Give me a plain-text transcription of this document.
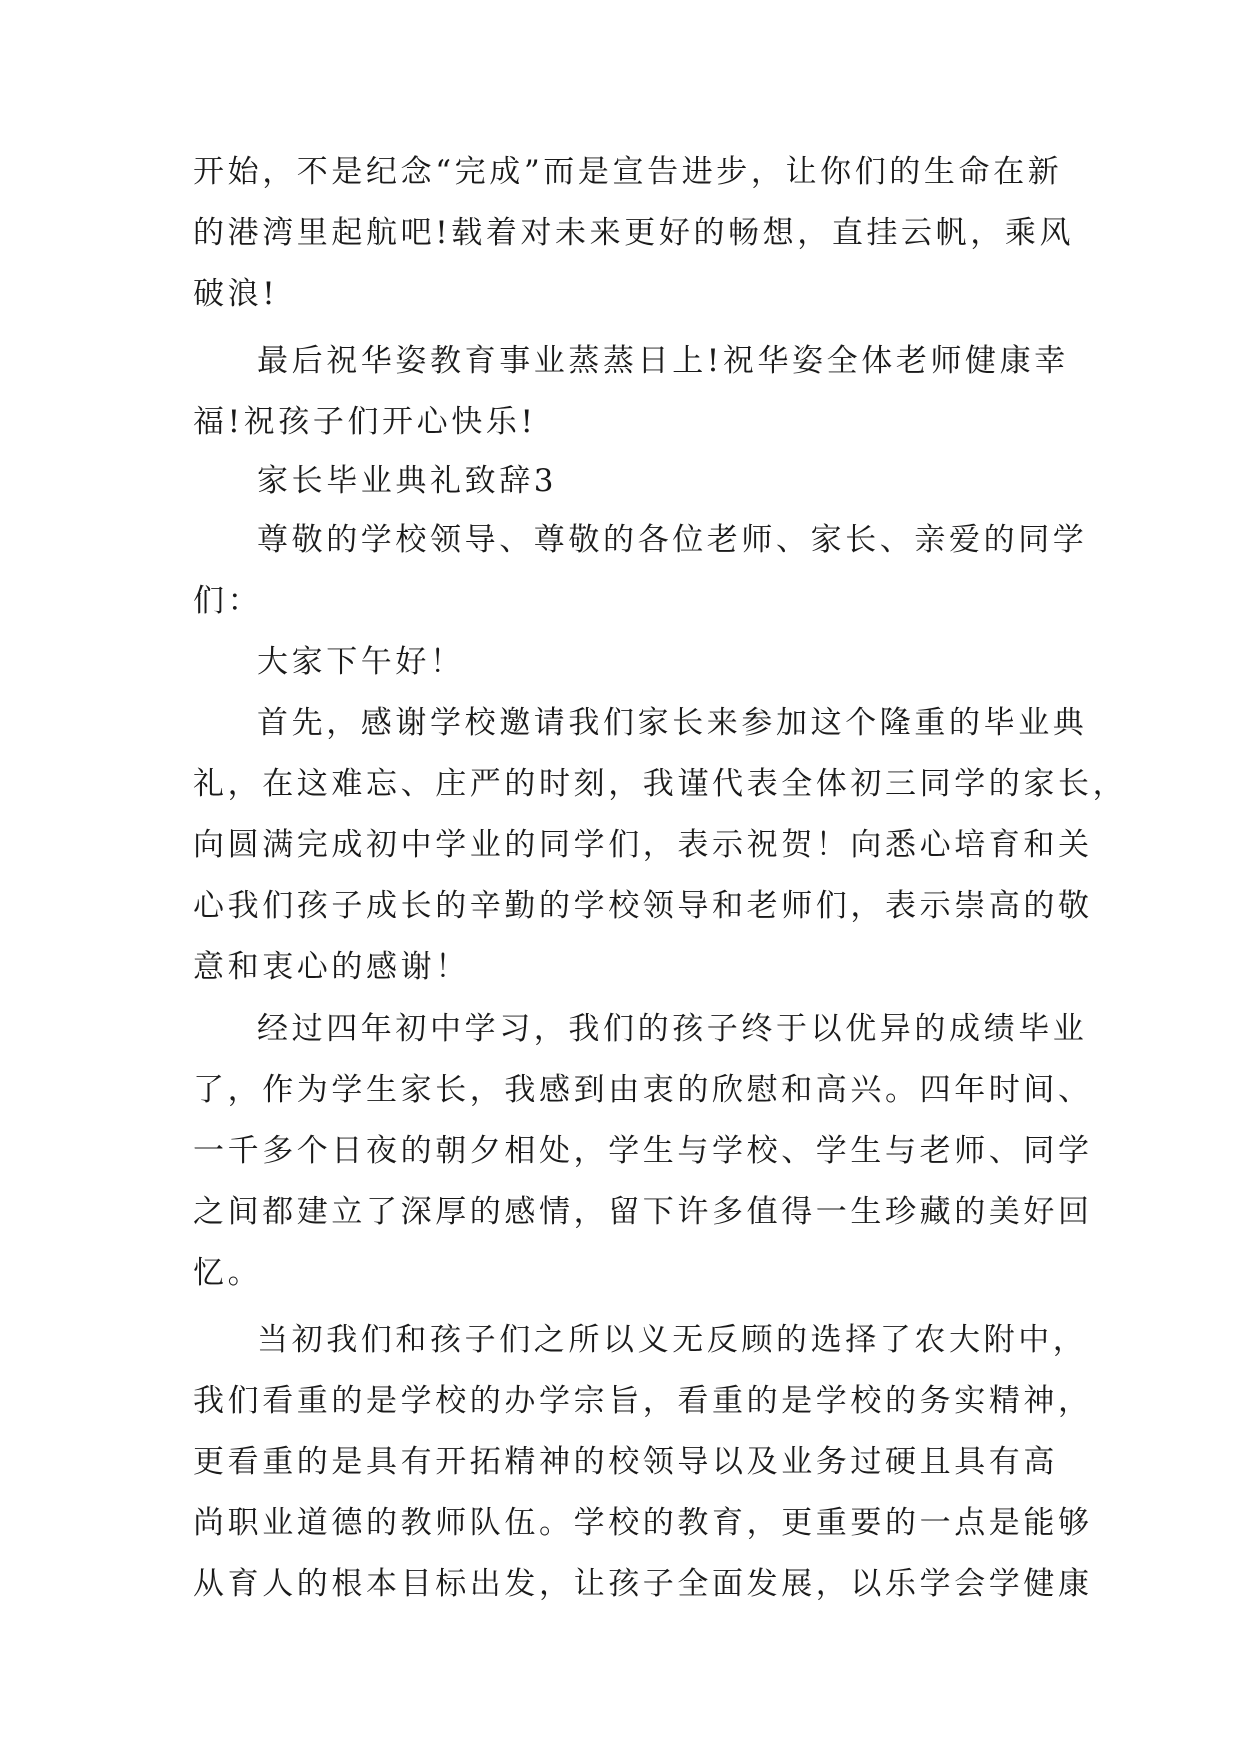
开始，不是纪念“完成”而是宣告进步，让你们的生命在新
的港湾里起航吧!载着对未来更好的畅想，直挂云帆，乘风
破浪!
最后祝华姿教育事业蒸蒸日上!祝华姿全体老师健康幸
福!祝孩子们开心快乐!
家长毕业典礼致辞3
尊敬的学校领导、尊敬的各位老师、家长、亲爱的同学
们：
大家下午好！
首先，感谢学校邀请我们家长来参加这个隆重的毕业典
礼，在这难忘、庄严的时刻，我谨代表全体初三同学的家长，
向圆满完成初中学业的同学们，表示祝贺！向悉心培育和关
心我们孩子成长的辛勤的学校领导和老师们，表示崇高的敬
意和衷心的感谢！
经过四年初中学习，我们的孩子终于以优异的成绩毕业
了，作为学生家长，我感到由衷的欣慰和高兴。四年时间、
一千多个日夜的朝夕相处，学生与学校、学生与老师、同学
之间都建立了深厚的感情，留下许多值得一生珍藏的美好回
忆。
当初我们和孩子们之所以义无反顾的选择了农大附中，
我们看重的是学校的办学宗旨，看重的是学校的务实精神，
更看重的是具有开拓精神的校领导以及业务过硬且具有高
尚职业道德的教师队伍。学校的教育，更重要的一点是能够
从育人的根本目标出发，让孩子全面发展，以乐学会学健康
